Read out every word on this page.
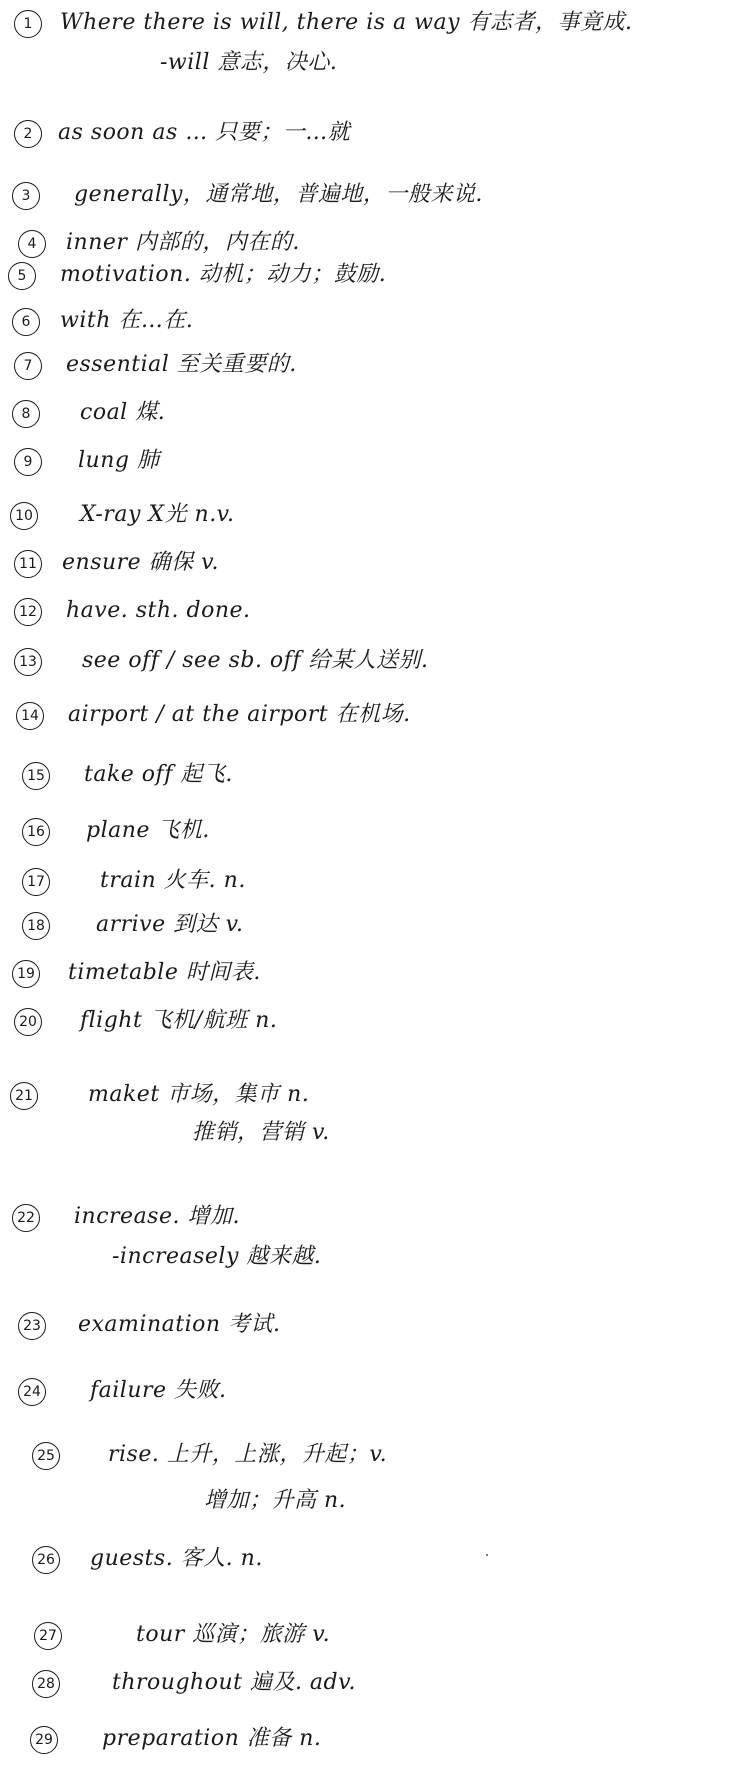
1	Where there is will, there is a way 有志者，事竟成.
-will 意志，决心.
2	as soon as … 只要；一…就
3	generally，通常地，普遍地，一般来说.
4	inner 内部的，内在的.
5	motivation. 动机；动力；鼓励.
6	with 在…在.
7	essential 至关重要的.
8	coal 煤.
9	lung 肺
10 X-ray X光 n.v.
11 ensure 确保 v.
12 have. sth. done.
13 see off / see sb. off 给某人送别.
14 airport / at the airport 在机场.
15 take off 起飞.
16 plane 飞机.
17	train 火车. n.
18 arrive 到达 v.
19 timetable 时间表.
20 flight 飞机/航班 n.
21	maket 市场，集市 n.
推销，营销 v.
22 increase. 增加.
-increasely 越来越.
23 examination 考试.
24 failure 失败.
25 rise. 上升，上涨，升起；v.
增加；升高 n.
26 guests. 客人. n.
27	tour 巡演；旅游 v.
28	throughout 遍及. adv.
29 preparation 准备 n.
